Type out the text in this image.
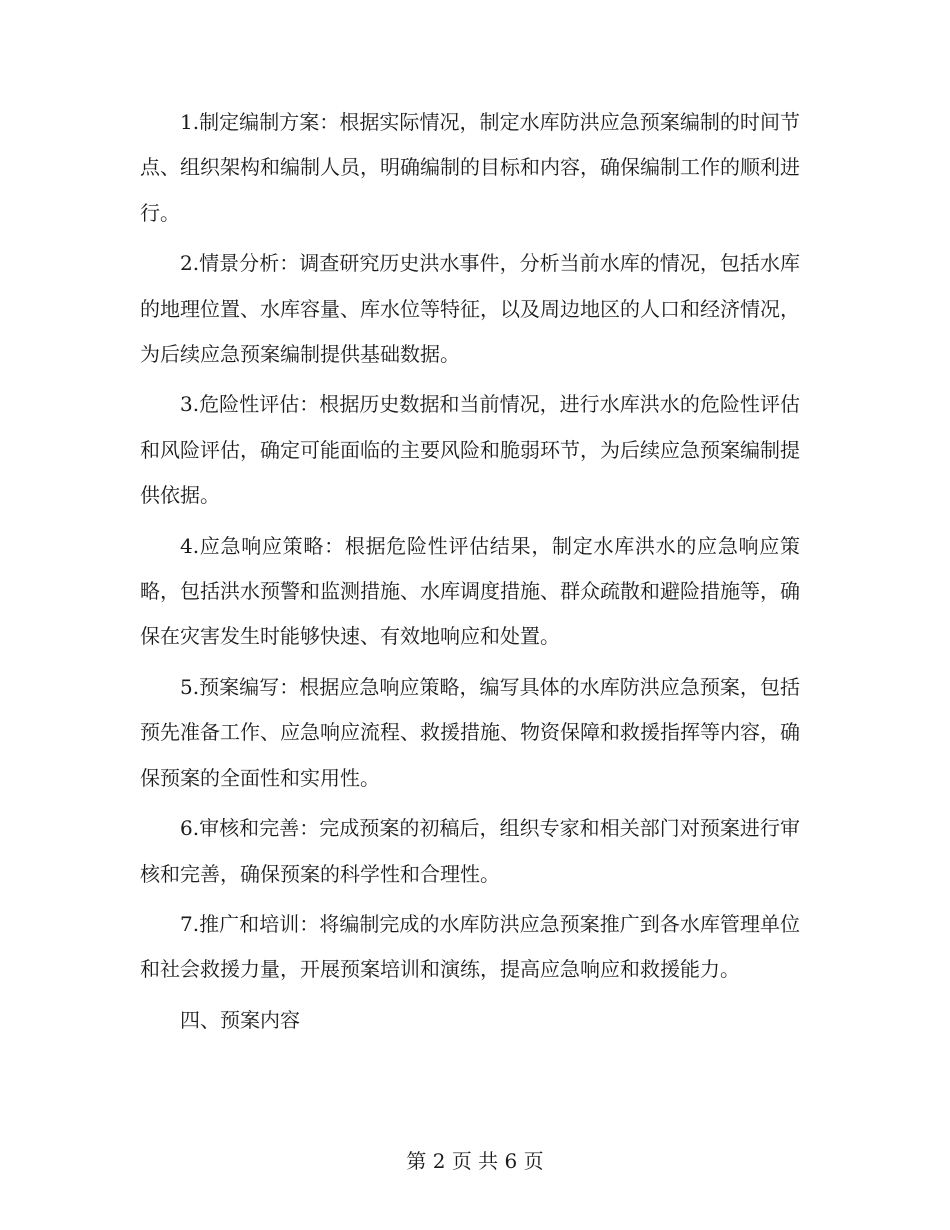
1.制定编制方案：根据实际情况，制定水库防洪应急预案编制的时间节点、组织架构和编制人员，明确编制的目标和内容，确保编制工作的顺利进行。

2.情景分析：调查研究历史洪水事件，分析当前水库的情况，包括水库的地理位置、水库容量、库水位等特征，以及周边地区的人口和经济情况，为后续应急预案编制提供基础数据。

3.危险性评估：根据历史数据和当前情况，进行水库洪水的危险性评估和风险评估，确定可能面临的主要风险和脆弱环节，为后续应急预案编制提供依据。

4.应急响应策略：根据危险性评估结果，制定水库洪水的应急响应策略，包括洪水预警和监测措施、水库调度措施、群众疏散和避险措施等，确保在灾害发生时能够快速、有效地响应和处置。

5.预案编写：根据应急响应策略，编写具体的水库防洪应急预案，包括预先准备工作、应急响应流程、救援措施、物资保障和救援指挥等内容，确保预案的全面性和实用性。

6.审核和完善：完成预案的初稿后，组织专家和相关部门对预案进行审核和完善，确保预案的科学性和合理性。

7.推广和培训：将编制完成的水库防洪应急预案推广到各水库管理单位和社会救援力量，开展预案培训和演练，提高应急响应和救援能力。

四、预案内容

第 2 页 共 6 页
